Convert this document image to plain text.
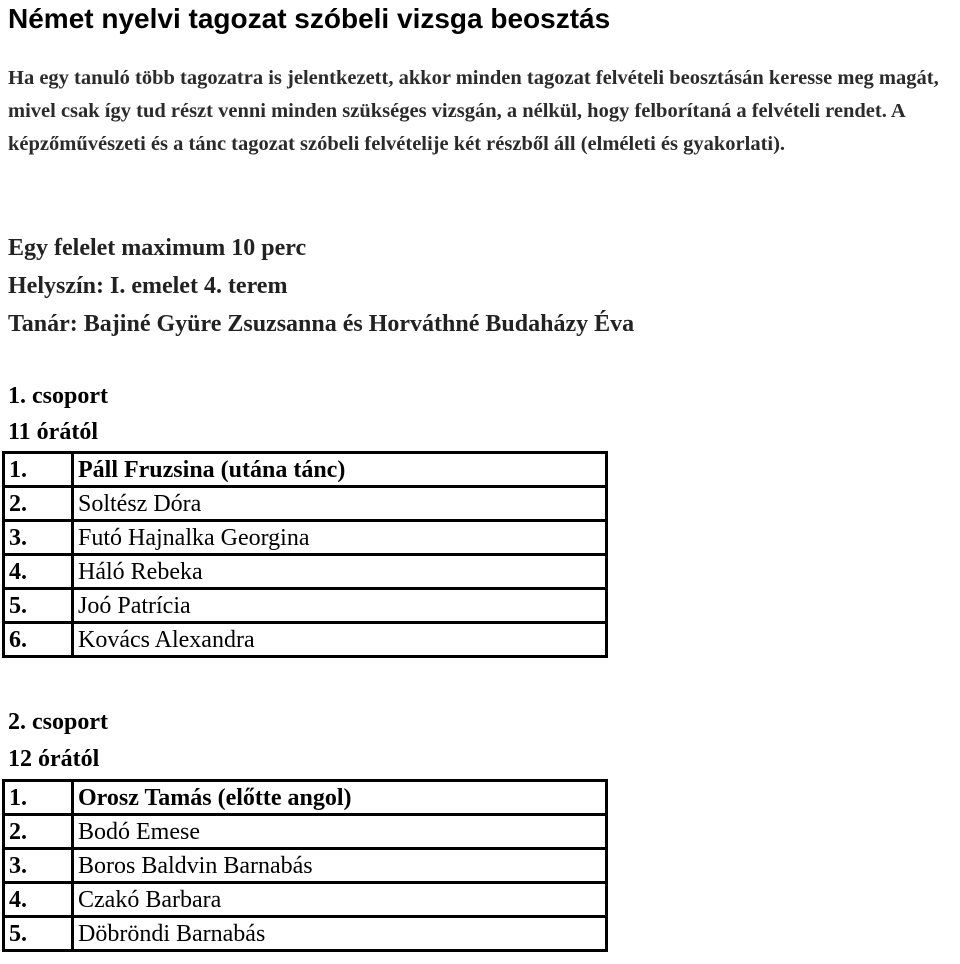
Német nyelvi tagozat szóbeli vizsga beosztás

Ha egy tanuló több tagozatra is jelentkezett, akkor minden tagozat felvételi beosztásán keresse meg magát, mivel csak így tud részt venni minden szükséges vizsgán, a nélkül, hogy felborítaná a felvételi rendet. A képzőművészeti és a tánc tagozat szóbeli felvételije két részből áll (elméleti és gyakorlati).

Egy felelet maximum 10 perc

Helyszín: I. emelet 4. terem

Tanár: Bajiné Gyüre Zsuzsanna és Horváthné Budaházy Éva

1. csoport

11 órától

1.	Páll Fruzsina (utána tánc)
2.	Soltész Dóra
3.	Futó Hajnalka Georgina
4.	Háló Rebeka
5.	Joó Patrícia
6.	Kovács Alexandra

2. csoport

12 órától

1.	Orosz Tamás (előtte angol)
2.	Bodó Emese
3.	Boros Baldvin Barnabás
4.	Czakó Barbara
5.	Döbröndi Barnabás
